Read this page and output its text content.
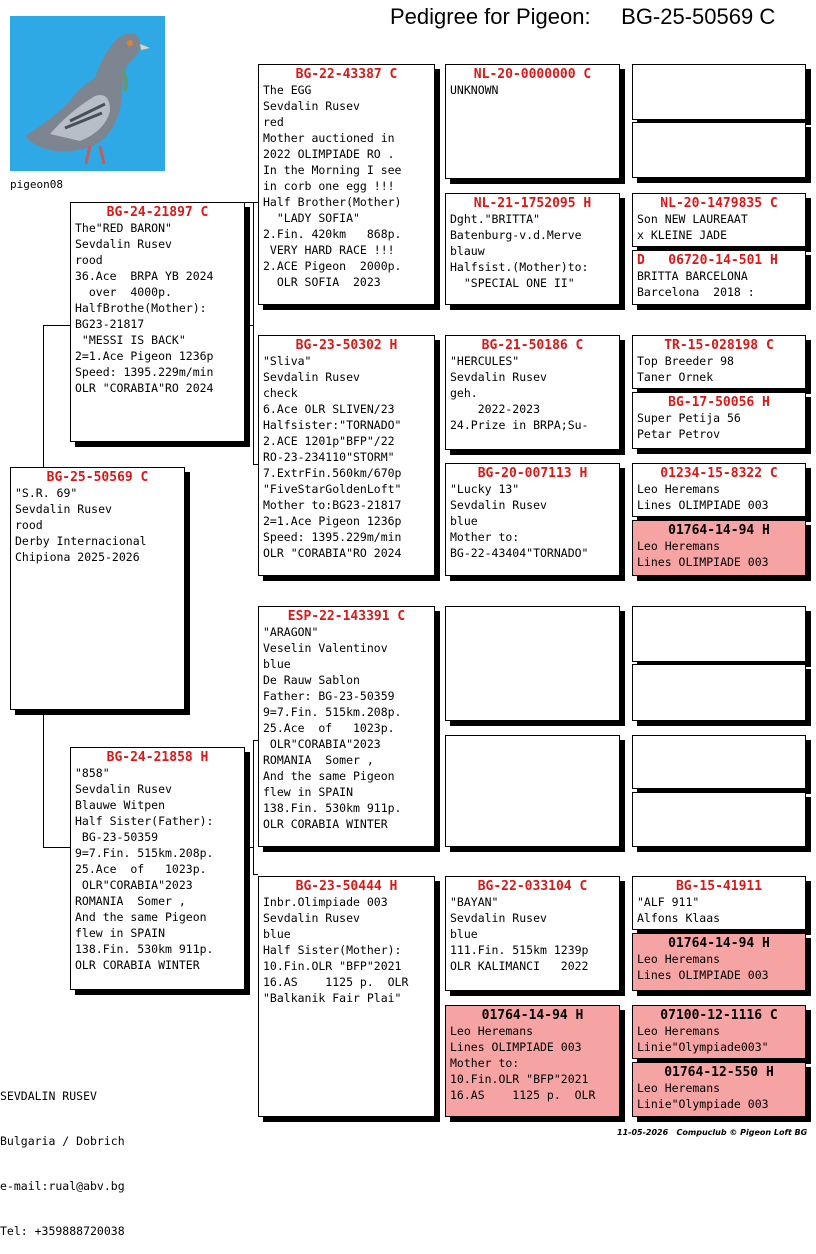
Pedigree for Pigeon:     BG-25-50569 C
pigeon08
BG-25-50569 C
"S.R. 69"
Sevdalin Rusev
rood
Derby Internacional
Chipiona 2025-2026
BG-24-21897 C
The"RED BARON"
Sevdalin Rusev
rood
36.Ace  BRPA YB 2024
over  4000p.
HalfBrothe(Mother):
BG23-21817
"MESSI IS BACK"
2=1.Ace Pigeon 1236p
Speed: 1395.229m/min
OLR "CORABIA"RO 2024
BG-24-21858 H
"858"
Sevdalin Rusev
Blauwe Witpen
Half Sister(Father):
BG-23-50359
9=7.Fin. 515km.208p.
25.Ace  of   1023p.
OLR"CORABIA"2023
ROMANIA  Somer ,
And the same Pigeon
flew in SPAIN
138.Fin. 530km 911p.
OLR CORABIA WINTER
BG-22-43387 C
The EGG
Sevdalin Rusev
red
Mother auctioned in
2022 OLIMPIADE RO .
In the Morning I see
in corb one egg !!!
Half Brother(Mother)
"LADY SOFIA"
2.Fin. 420km   868p.
VERY HARD RACE !!!
2.ACE Pigeon  2000p.
OLR SOFIA  2023
BG-23-50302 H
"Sliva"
Sevdalin Rusev
check
6.Ace OLR SLIVEN/23
Halfsister:"TORNADO"
2.ACE 1201p"BFP"/22
RO-23-234110"STORM"
7.ExtrFin.560km/670p
"FiveStarGoldenLoft"
Mother to:BG23-21817
2=1.Ace Pigeon 1236p
Speed: 1395.229m/min
OLR "CORABIA"RO 2024
ESP-22-143391 C
"ARAGON"
Veselin Valentinov
blue
De Rauw Sablon
Father: BG-23-50359
9=7.Fin. 515km.208p.
25.Ace  of   1023p.
OLR"CORABIA"2023
ROMANIA  Somer ,
And the same Pigeon
flew in SPAIN
138.Fin. 530km 911p.
OLR CORABIA WINTER
BG-23-50444 H
Inbr.Olimpiade 003
Sevdalin Rusev
blue
Half Sister(Mother):
10.Fin.OLR "BFP"2021
16.AS    1125 p.  OLR
"Balkanik Fair Plai"
NL-20-0000000 C
UNKNOWN
NL-21-1752095 H
Dght."BRITTA"
Batenburg-v.d.Merve
blauw
Halfsist.(Mother)to:
"SPECIAL ONE II"
BG-21-50186 C
"HERCULES"
Sevdalin Rusev
geh.
2022-2023
24.Prize in BRPA;Su-
BG-20-007113 H
"Lucky 13"
Sevdalin Rusev
blue
Mother to:
BG-22-43404"TORNADO"
BG-22-033104 C
"BAYAN"
Sevdalin Rusev
blue
111.Fin. 515km 1239p
OLR KALIMANCI   2022
01764-14-94 H
Leo Heremans
Lines OLIMPIADE 003
Mother to:
10.Fin.OLR "BFP"2021
16.AS    1125 p.  OLR
NL-20-1479835 C
Son NEW LAUREAAT
x KLEINE JADE
D   06720-14-501 H
BRITTA BARCELONA
Barcelona  2018 :
TR-15-028198 C
Top Breeder 98
Taner Ornek
BG-17-50056 H
Super Petija 56
Petar Petrov
01234-15-8322 C
Leo Heremans
Lines OLIMPIADE 003
01764-14-94 H
Leo Heremans
Lines OLIMPIADE 003
BG-15-41911
"ALF 911"
Alfons Klaas
01764-14-94 H
Leo Heremans
Lines OLIMPIADE 003
07100-12-1116 C
Leo Heremans
Linie"Olympiade003"
01764-12-550 H
Leo Heremans
Linie"Olympiade 003

SEVDALIN RUSEV

Bulgaria / Dobrich

e-mail:rual@abv.bg

Tel: +359888720038

11-05-2026   Compuclub © Pigeon Loft BG
